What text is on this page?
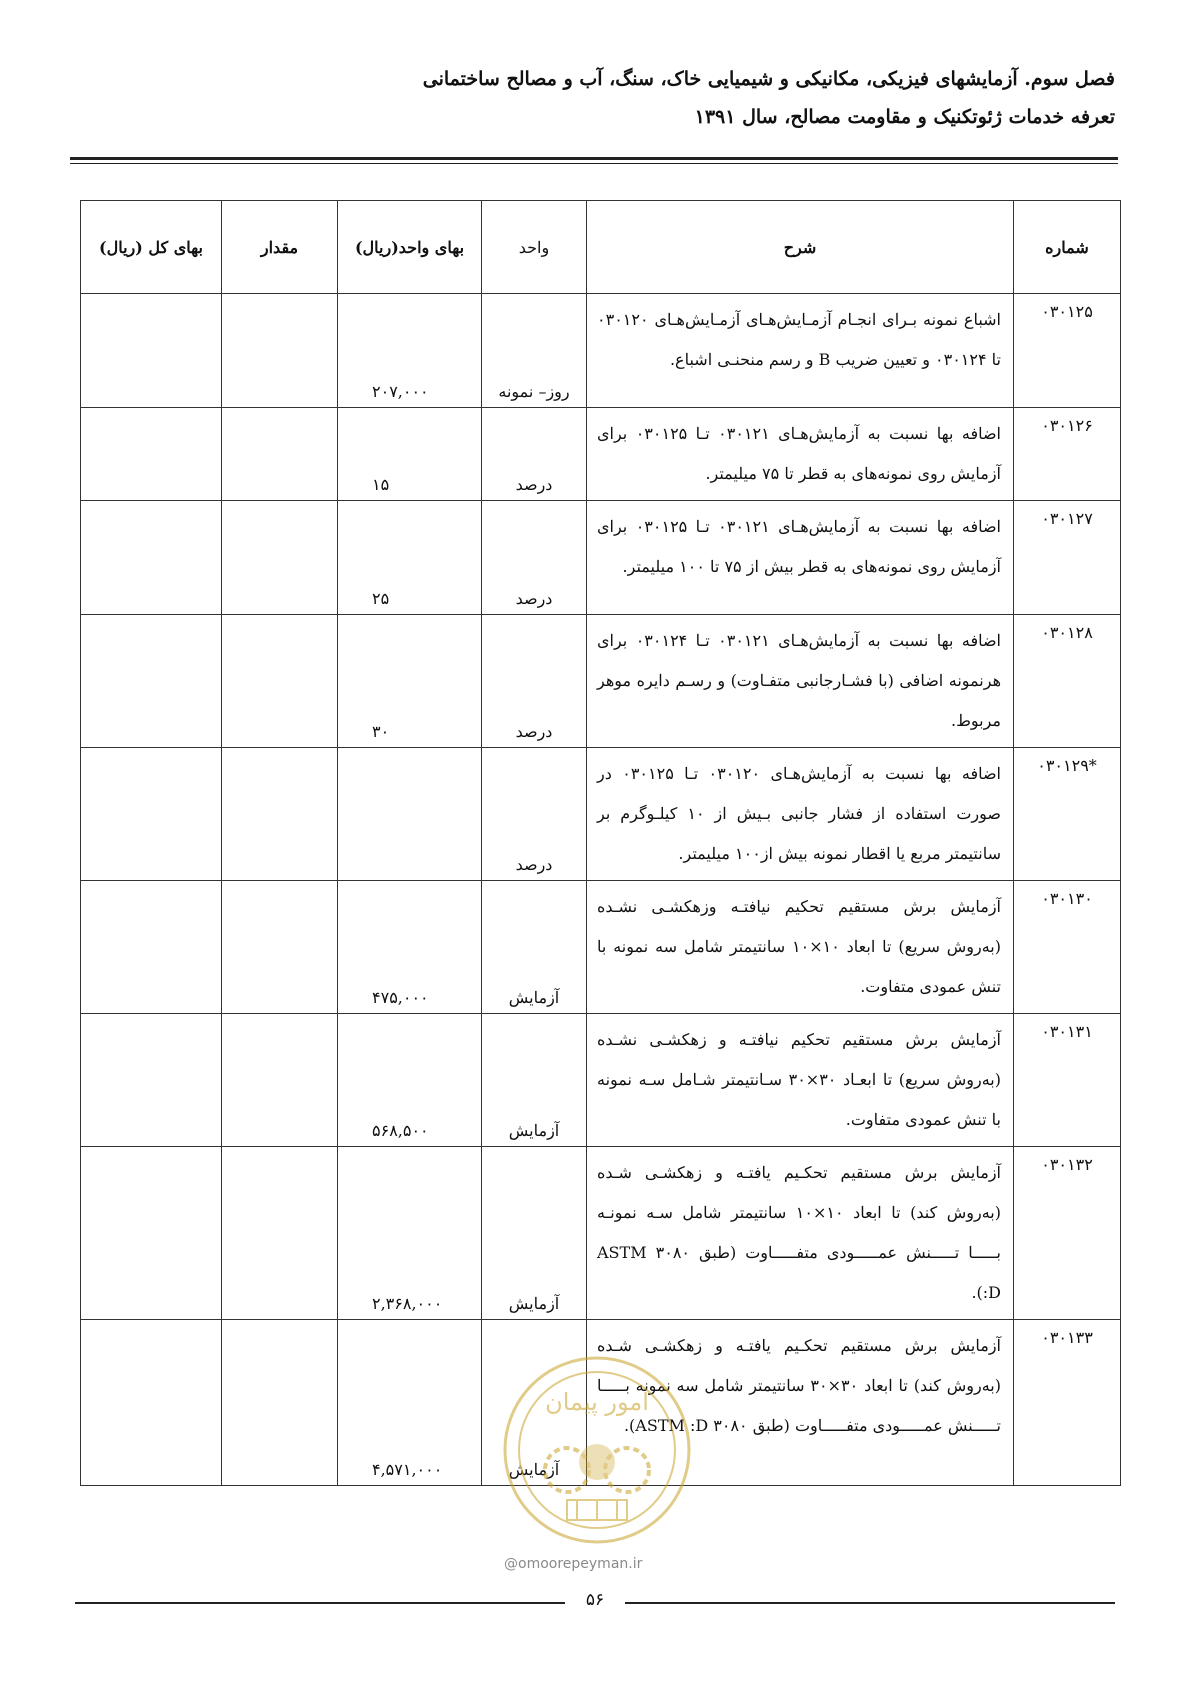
فصل سوم. آزمایشهای فیزیکی، مکانیکی و شیمیایی خاک، سنگ، آب و مصالح ساختمانی
تعرفه خدمات ژئوتکنیک و مقاومت مصالح، سال ۱۳۹۱
شماره	شرح	واحد	بهای واحد(ریال)	مقدار	بهای کل (ریال)
۰۳۰۱۲۵	اشباع نمونه بـرای انجـام آزمـایش‌هـای آزمـایش‌هـای ۰۳۰۱۲۰ تا ۰۳۰۱۲۴ و تعیین ضریب B و رسم منحنـی اشباع.	روز– نمونه	۲۰۷,۰۰۰		
۰۳۰۱۲۶	اضافه بها نسبت به آزمایش‌هـای ۰۳۰۱۲۱ تـا ۰۳۰۱۲۵ برای آزمایش روی نمونه‌های به قطر تا ۷۵ میلیمتر.	درصد	۱۵		
۰۳۰۱۲۷	اضافه بها نسبت به آزمایش‌هـای ۰۳۰۱۲۱ تـا ۰۳۰۱۲۵ برای آزمایش روی نمونه‌های به قطر بیش از ۷۵ تا ۱۰۰ میلیمتر.	درصد	۲۵		
۰۳۰۱۲۸	اضافه بها نسبت به آزمایش‌هـای ۰۳۰۱۲۱ تـا ۰۳۰۱۲۴ برای هرنمونه اضافی (با فشـارجانبی متفـاوت) و رسـم دایره موهر مربوط.	درصد	۳۰		
*۰۳۰۱۲۹	اضافه بها نسبت به آزمایش‌هـای ۰۳۰۱۲۰ تـا ۰۳۰۱۲۵ در صورت استفاده از فشار جانبی بـیش از ۱۰ کیلـوگرم بر سانتیمتر مربع یا اقطار نمونه بیش از۱۰۰ میلیمتر.	درصد			
۰۳۰۱۳۰	آزمایش برش مستقیم تحکیم نیافتـه وزهکشـی نشـده (به‌روش سریع) تا ابعاد ۱۰×۱۰ سانتیمتر شامل سه نمونه با تنش عمودی متفاوت.	آزمایش	۴۷۵,۰۰۰		
۰۳۰۱۳۱	آزمایش برش مستقیم تحکیم نیافتـه و زهکشـی نشـده (به‌روش سریع) تا ابعـاد ۳۰×۳۰ سـانتیمتر شـامل سـه نمونه با تنش عمودی متفاوت.	آزمایش	۵۶۸,۵۰۰		
۰۳۰۱۳۲	آزمایش برش مستقیم تحکـیم یافتـه و زهکشـی شـده (به‌روش کند) تا ابعاد ۱۰×۱۰ سانتیمتر شامل سـه نمونـه بـــــا تـــــنش عمـــــودی متفـــــاوت (طبق ۳۰۸۰ ASTM :D).	آزمایش	۲,۳۶۸,۰۰۰		
۰۳۰۱۳۳	آزمایش برش مستقیم تحکـیم یافتـه و زهکشـی شـده (به‌روش کند) تا ابعاد ۳۰×۳۰ سانتیمتر شامل سه نمونه بـــــا تـــــنش عمـــــودی متفـــــاوت (طبق ۳۰۸۰ ASTM :D).	آزمایش	۴,۵۷۱,۰۰۰		
امور پیمان
@omoorepeyman.ir
۵۶
